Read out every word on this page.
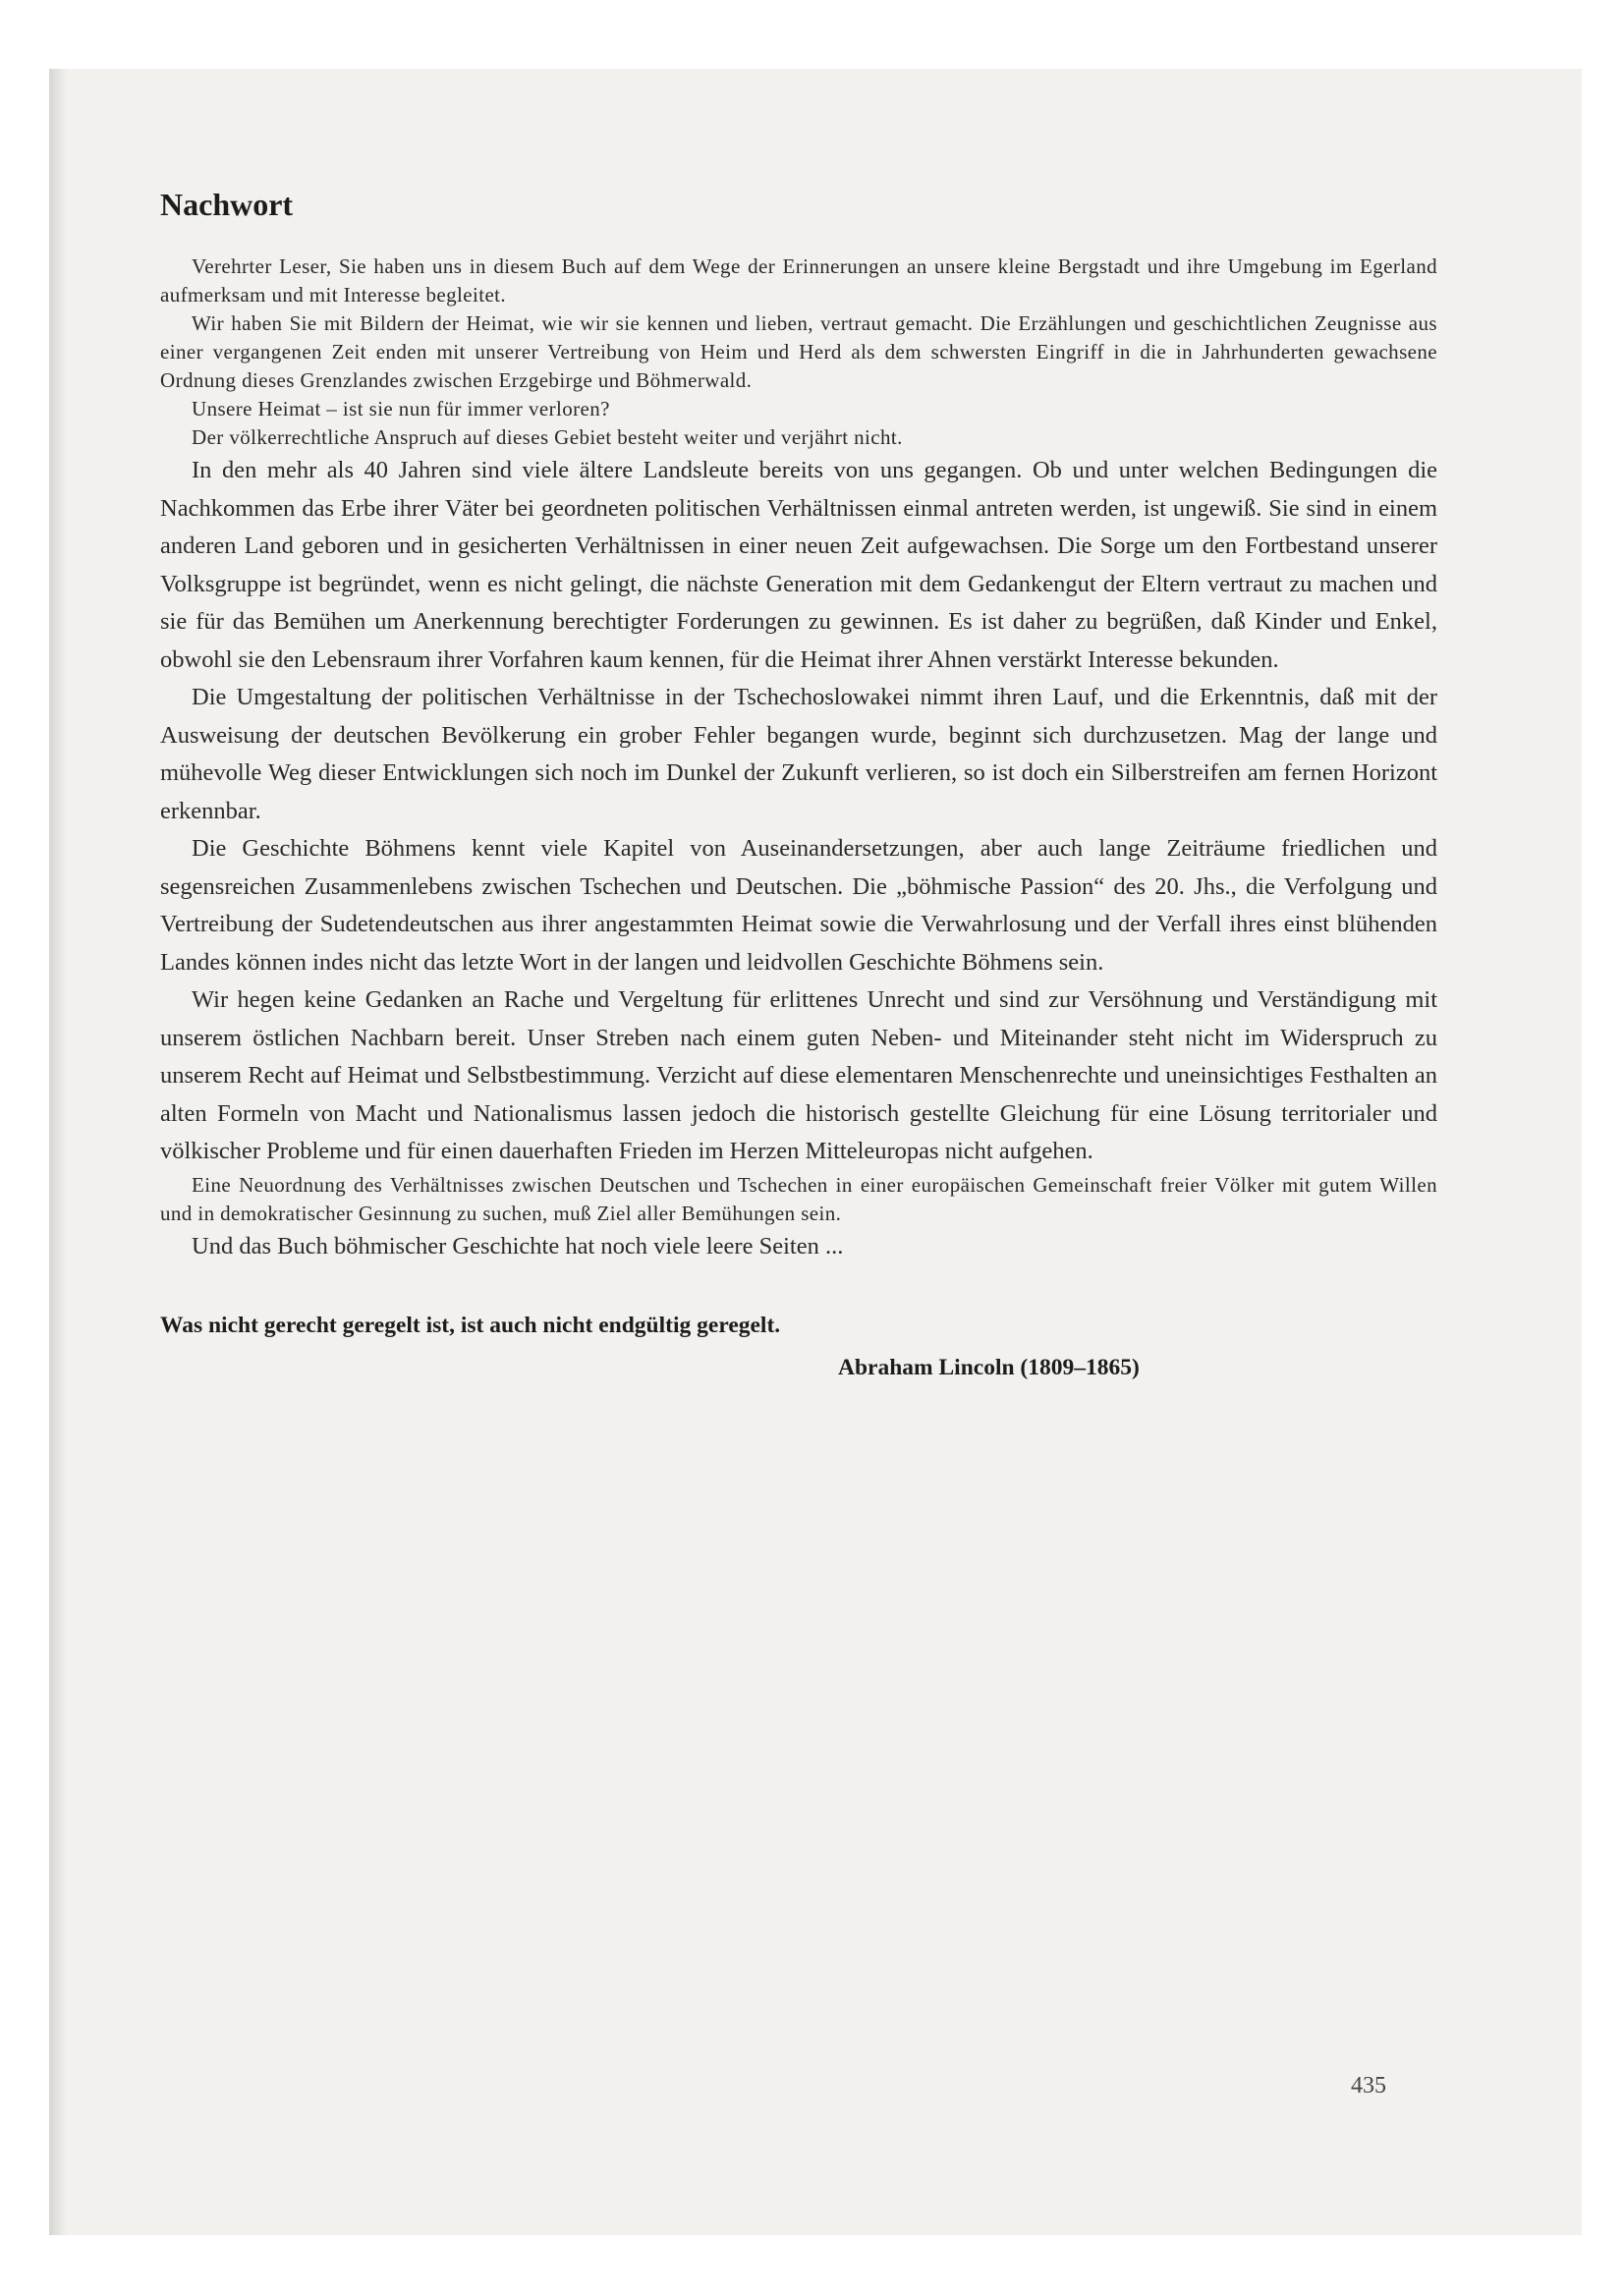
Nachwort

Verehrter Leser, Sie haben uns in diesem Buch auf dem Wege der Erinnerungen an unsere kleine Bergstadt und ihre Umgebung im Egerland aufmerksam und mit Interesse begleitet.

Wir haben Sie mit Bildern der Heimat, wie wir sie kennen und lieben, vertraut gemacht. Die Erzählungen und geschichtlichen Zeugnisse aus einer vergangenen Zeit enden mit unserer Vertreibung von Heim und Herd als dem schwersten Eingriff in die in Jahrhunderten gewachsene Ordnung dieses Grenzlandes zwischen Erzgebirge und Böhmerwald.

Unsere Heimat – ist sie nun für immer verloren?

Der völkerrechtliche Anspruch auf dieses Gebiet besteht weiter und verjährt nicht.

In den mehr als 40 Jahren sind viele ältere Landsleute bereits von uns gegangen. Ob und unter welchen Bedingungen die Nachkommen das Erbe ihrer Väter bei geordneten politischen Verhältnissen einmal antreten werden, ist ungewiß. Sie sind in einem anderen Land geboren und in gesicherten Verhältnissen in einer neuen Zeit aufgewachsen. Die Sorge um den Fortbestand unserer Volksgruppe ist begründet, wenn es nicht gelingt, die nächste Generation mit dem Gedankengut der Eltern vertraut zu machen und sie für das Bemühen um Anerkennung berechtigter Forderungen zu gewinnen. Es ist daher zu begrüßen, daß Kinder und Enkel, obwohl sie den Lebensraum ihrer Vorfahren kaum kennen, für die Heimat ihrer Ahnen verstärkt Interesse bekunden.

Die Umgestaltung der politischen Verhältnisse in der Tschechoslowakei nimmt ihren Lauf, und die Erkenntnis, daß mit der Ausweisung der deutschen Bevölkerung ein grober Fehler begangen wurde, beginnt sich durchzusetzen. Mag der lange und mühevolle Weg dieser Entwicklungen sich noch im Dunkel der Zukunft verlieren, so ist doch ein Silberstreifen am fernen Horizont erkennbar.

Die Geschichte Böhmens kennt viele Kapitel von Auseinandersetzungen, aber auch lange Zeiträume friedlichen und segensreichen Zusammenlebens zwischen Tschechen und Deutschen. Die „böhmische Passion“ des 20. Jhs., die Verfolgung und Vertreibung der Sudetendeutschen aus ihrer angestammten Heimat sowie die Verwahrlosung und der Verfall ihres einst blühenden Landes können indes nicht das letzte Wort in der langen und leidvollen Geschichte Böhmens sein.

Wir hegen keine Gedanken an Rache und Vergeltung für erlittenes Unrecht und sind zur Versöhnung und Verständigung mit unserem östlichen Nachbarn bereit. Unser Streben nach einem guten Neben- und Miteinander steht nicht im Widerspruch zu unserem Recht auf Heimat und Selbstbestimmung. Verzicht auf diese elementaren Menschenrechte und uneinsichtiges Festhalten an alten Formeln von Macht und Nationalismus lassen jedoch die historisch gestellte Gleichung für eine Lösung territorialer und völkischer Probleme und für einen dauerhaften Frieden im Herzen Mitteleuropas nicht aufgehen.

Eine Neuordnung des Verhältnisses zwischen Deutschen und Tschechen in einer europäischen Gemeinschaft freier Völker mit gutem Willen und in demokratischer Gesinnung zu suchen, muß Ziel aller Bemühungen sein.

Und das Buch böhmischer Geschichte hat noch viele leere Seiten ...

Was nicht gerecht geregelt ist, ist auch nicht endgültig geregelt.
Abraham Lincoln (1809–1865)
435
